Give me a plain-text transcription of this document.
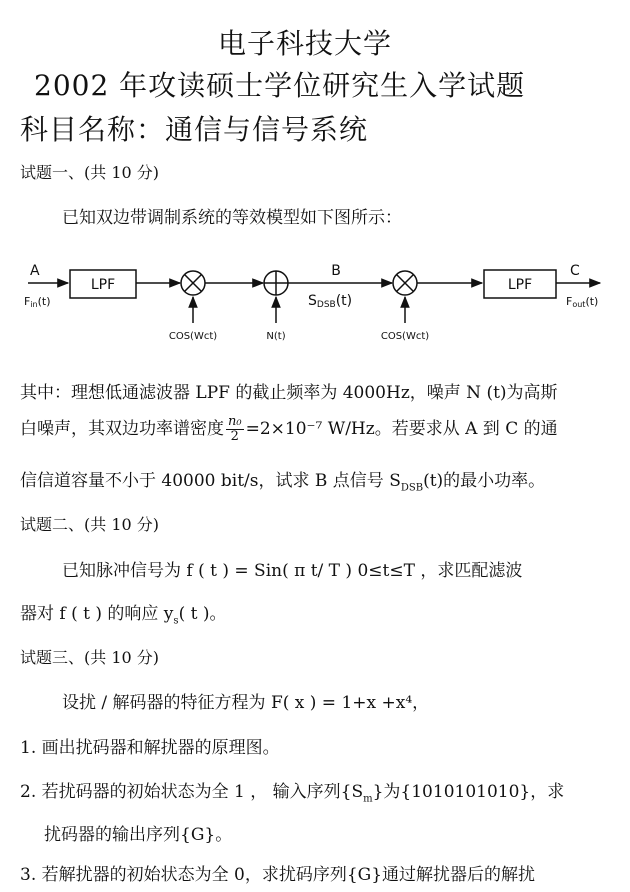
电子科技大学
2002 年攻读硕士学位研究生入学试题
科目名称：通信与信号系统
试题一、(共 10 分)
已知双边带调制系统的等效模型如下图所示：
A
LPF
Fin(t)
B
SDSB(t)
LPF
C
Fout(t)
COS(Wct)	N(t)	COS(Wct)
其中：理想低通滤波器 LPF 的截止频率为 4000Hz，噪声 N (t)为高斯
白噪声，其双边功率谱密度 $\frac{\text{n₀}}{2} =2\times 10^{-7}$ W/Hz。若要求从 A 到 C 的通
信信道容量不小于 40000 bit/s，试求 B 点信号 $S_{DSB}(t)$的最小功率。
试题二、(共 10 分)
已知脉冲信号为 f ( t ) = Sin( π t/ T ) 0≤t≤T ，求匹配滤波
器对 f ( t ) 的响应 $y_s$( t )。
试题三、(共 10 分)
设扰 / 解码器的特征方程为 F( x ) = 1+x +x⁴，
1. 画出扰码器和解扰器的原理图。
2. 若扰码器的初始状态为全 1 ， 输入序列$\{S_m\}$为{1010101010}，求
扰码器的输出序列{G}。
3. 若解扰器的初始状态为全 0，求扰码序列{G}通过解扰器后的解扰
